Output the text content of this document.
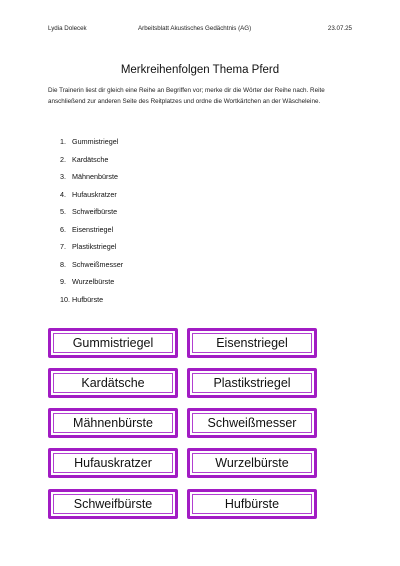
Lydia Dolecek	Arbeitsblatt Akustisches Gedächtnis (AG)	23.07.25
Merkreihenfolgen Thema Pferd
Die Trainerin liest dir gleich eine Reihe an Begriffen vor; merke dir die Wörter der Reihe nach. Reite anschließend zur anderen Seite des Reitplatzes und ordne die Wortkärtchen an der Wäscheleine.
1. Gummistriegel
2. Kardätsche
3. Mähnenbürste
4. Hufauskratzer
5. Schweifbürste
6. Eisenstriegel
7. Plastikstriegel
8. Schweißmesser
9. Wurzelbürste
10. Hufbürste
Gummistriegel
Kardätsche
Mähnenbürste
Hufauskratzer
Schweifbürste
Eisenstriegel
Plastikstriegel
Schweißmesser
Wurzelbürste
Hufbürste
